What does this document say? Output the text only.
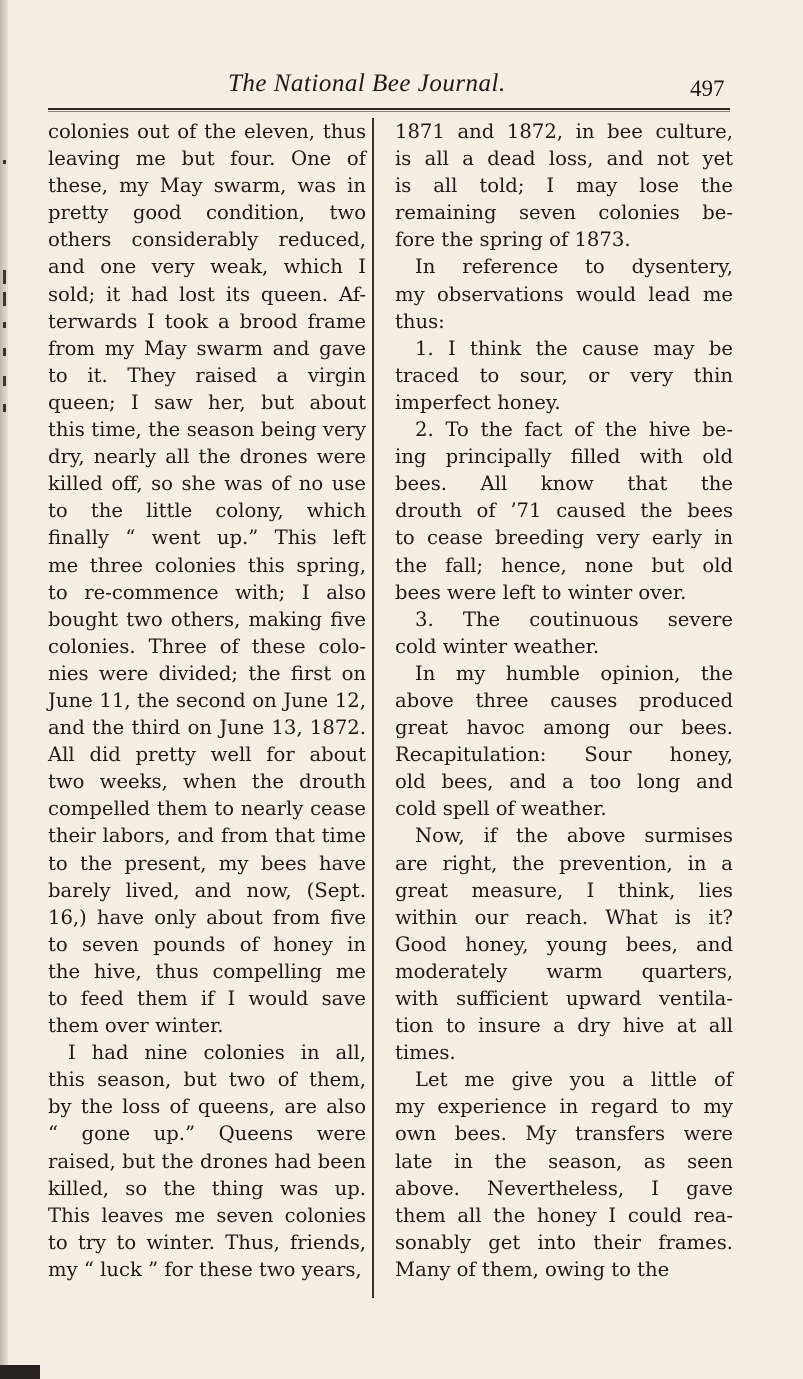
The National Bee Journal.	497
colonies out of the eleven, thus
leaving me but four. One of
these, my May swarm, was in
pretty good condition, two
others considerably reduced,
and one very weak, which I
sold; it had lost its queen. Af-
terwards I took a brood frame
from my May swarm and gave
to it. They raised a virgin
queen; I saw her, but about
this time, the season being very
dry, nearly all the drones were
killed off, so she was of no use
to the little colony, which
finally “ went up.” This left
me three colonies this spring,
to re-commence with; I also
bought two others, making five
colonies. Three of these colo-
nies were divided; the first on
June 11, the second on June 12,
and the third on June 13, 1872.
All did pretty well for about
two weeks, when the drouth
compelled them to nearly cease
their labors, and from that time
to the present, my bees have
barely lived, and now, (Sept.
16,) have only about from five
to seven pounds of honey in
the hive, thus compelling me
to feed them if I would save
them over winter.
I had nine colonies in all,
this season, but two of them,
by the loss of queens, are also
“ gone up.” Queens were
raised, but the drones had been
killed, so the thing was up.
This leaves me seven colonies
to try to winter. Thus, friends,
my “ luck ” for these two years,
1871 and 1872, in bee culture,
is all a dead loss, and not yet
is all told; I may lose the
remaining seven colonies be-
fore the spring of 1873.
In reference to dysentery,
my observations would lead me
thus:
1. I think the cause may be
traced to sour, or very thin
imperfect honey.
2. To the fact of the hive be-
ing principally filled with old
bees. All know that the
drouth of ’71 caused the bees
to cease breeding very early in
the fall; hence, none but old
bees were left to winter over.
3. The coutinuous severe
cold winter weather.
In my humble opinion, the
above three causes produced
great havoc among our bees.
Recapitulation: Sour honey,
old bees, and a too long and
cold spell of weather.
Now, if the above surmises
are right, the prevention, in a
great measure, I think, lies
within our reach. What is it?
Good honey, young bees, and
moderately warm quarters,
with sufficient upward ventila-
tion to insure a dry hive at all
times.
Let me give you a little of
my experience in regard to my
own bees. My transfers were
late in the season, as seen
above. Nevertheless, I gave
them all the honey I could rea-
sonably get into their frames.
Many of them, owing to the
